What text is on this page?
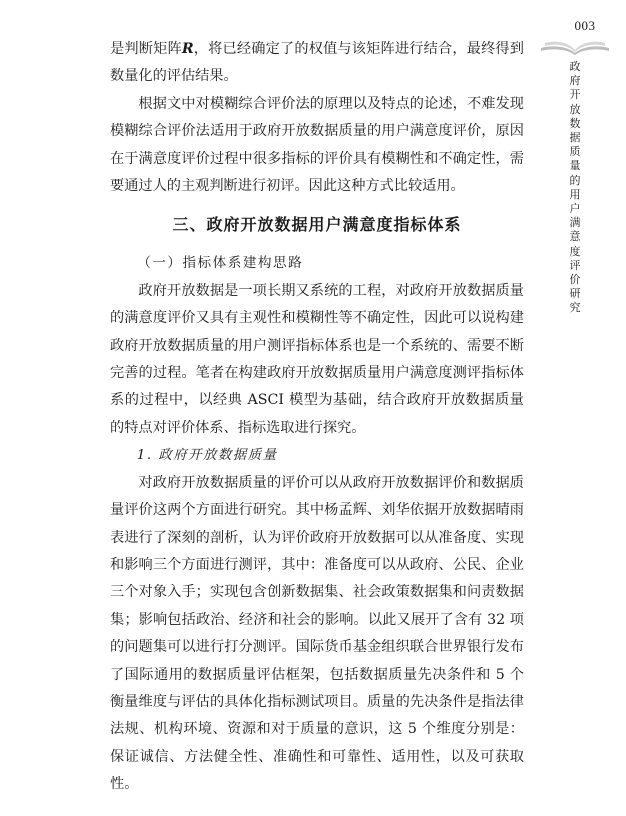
003
政府开放数据质量的用户满意度评价研究

是判断矩阵R，将已经确定了的权值与该矩阵进行结合，最终得到数量化的评估结果。

根据文中对模糊综合评价法的原理以及特点的论述，不难发现模糊综合评价法适用于政府开放数据质量的用户满意度评价，原因在于满意度评价过程中很多指标的评价具有模糊性和不确定性，需要通过人的主观判断进行初评。因此这种方式比较适用。

三、政府开放数据用户满意度指标体系
（一）指标体系建构思路

政府开放数据是一项长期又系统的工程，对政府开放数据质量的满意度评价又具有主观性和模糊性等不确定性，因此可以说构建政府开放数据质量的用户测评指标体系也是一个系统的、需要不断完善的过程。笔者在构建政府开放数据质量用户满意度测评指标体系的过程中，以经典 ASCI 模型为基础，结合政府开放数据质量的特点对评价体系、指标选取进行探究。

1. 政府开放数据质量

对政府开放数据质量的评价可以从政府开放数据评价和数据质量评价这两个方面进行研究。其中杨孟辉、刘华依据开放数据晴雨表进行了深刻的剖析，认为评价政府开放数据可以从准备度、实现和影响三个方面进行测评，其中：准备度可以从政府、公民、企业三个对象入手；实现包含创新数据集、社会政策数据集和问责数据集；影响包括政治、经济和社会的影响。以此又展开了含有 32 项的问题集可以进行打分测评。国际货币基金组织联合世界银行发布了国际通用的数据质量评估框架，包括数据质量先决条件和 5 个衡量维度与评估的具体化指标测试项目。质量的先决条件是指法律法规、机构环境、资源和对于质量的意识，这 5 个维度分别是：保证诚信、方法健全性、准确性和可靠性、适用性，以及可获取性。
